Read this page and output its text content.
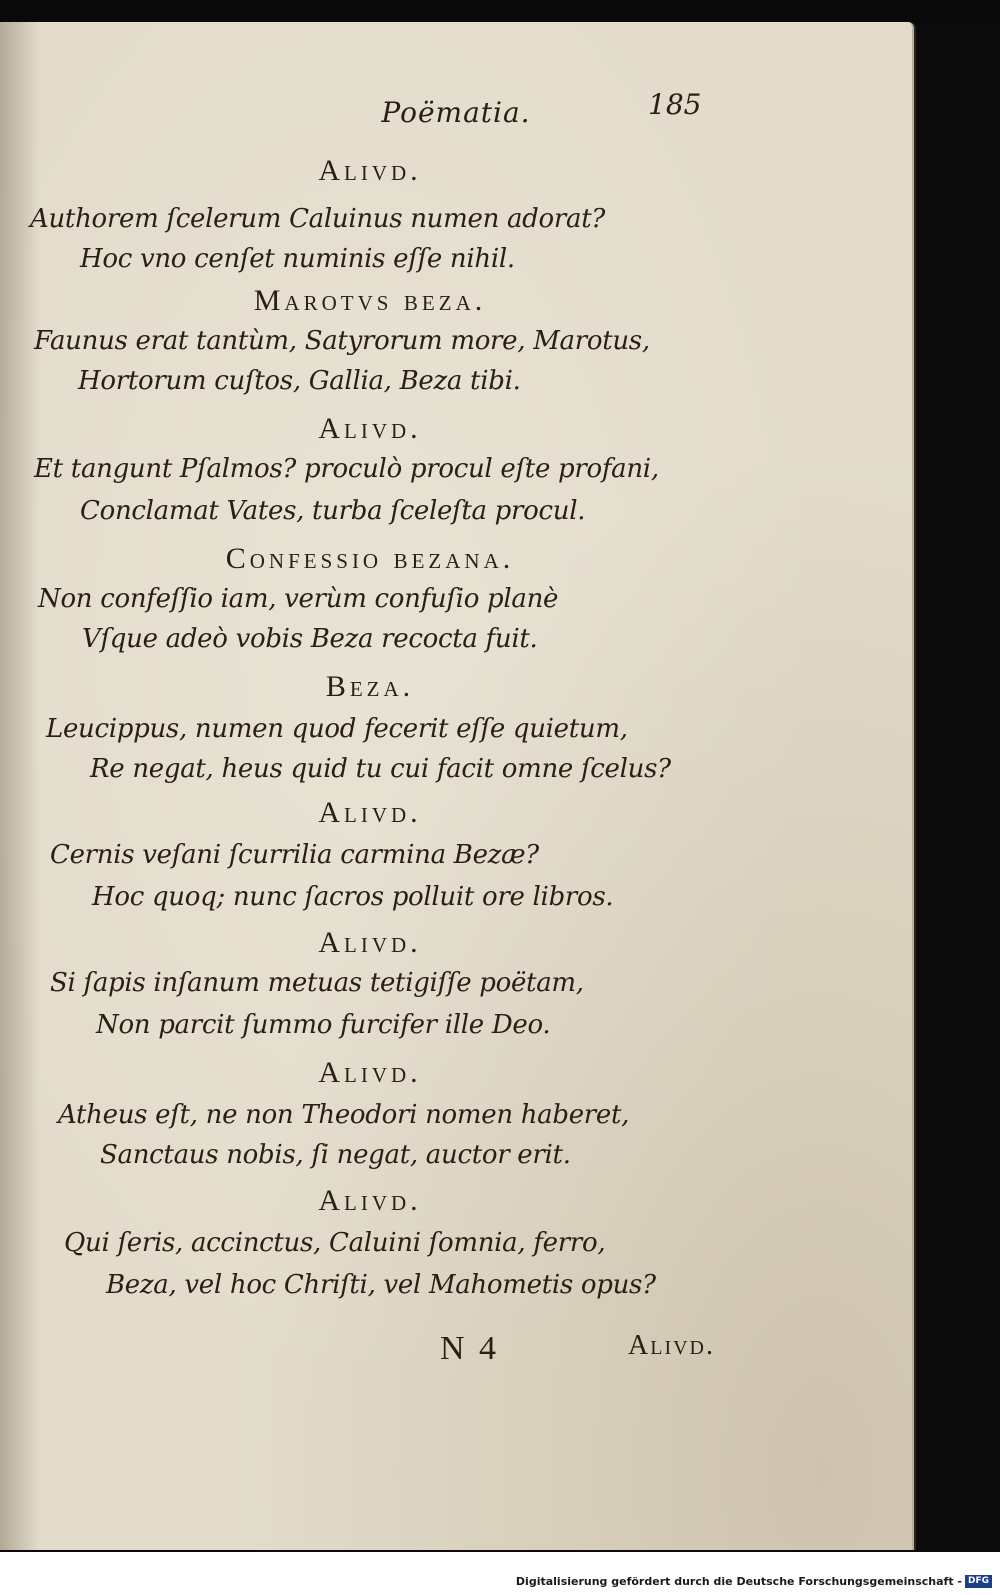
Poëmatia.	185
Alivd.
Authorem ſcelerum Caluinus numen adorat?
Hoc vno cenſet numinis eſſe nihil.
Marotvs beza.
Faunus erat tantùm, Satyrorum more, Marotus,
Hortorum cuſtos, Gallia, Beza tibi.
Alivd.
Et tangunt Pſalmos? proculò procul eſte profani,
Conclamat Vates, turba ſceleſta procul.
Confessio bezana.
Non confeſſio iam, verùm confuſio planè
Vſque adeò vobis Beza recocta fuit.
Beza.
Leucippus, numen quod fecerit eſſe quietum,
Re negat, heus quid tu cui facit omne ſcelus?
Alivd.
Cernis veſani ſcurrilia carmina Bezæ?
Hoc quoq; nunc ſacros polluit ore libros.
Alivd.
Si ſapis inſanum metuas tetigiſſe poëtam,
Non parcit ſummo furcifer ille Deo.
Alivd.
Atheus eſt, ne non Theodori nomen haberet,
Sanctaus nobis, ſi negat, auctor erit.
Alivd.
Qui ſeris, accinctus, Caluini ſomnia, ferro,
Beza, vel hoc Chriſti, vel Mahometis opus?
N 4	Alivd.
Digitalisierung gefördert durch die Deutsche Forschungsgemeinschaft - DFG
